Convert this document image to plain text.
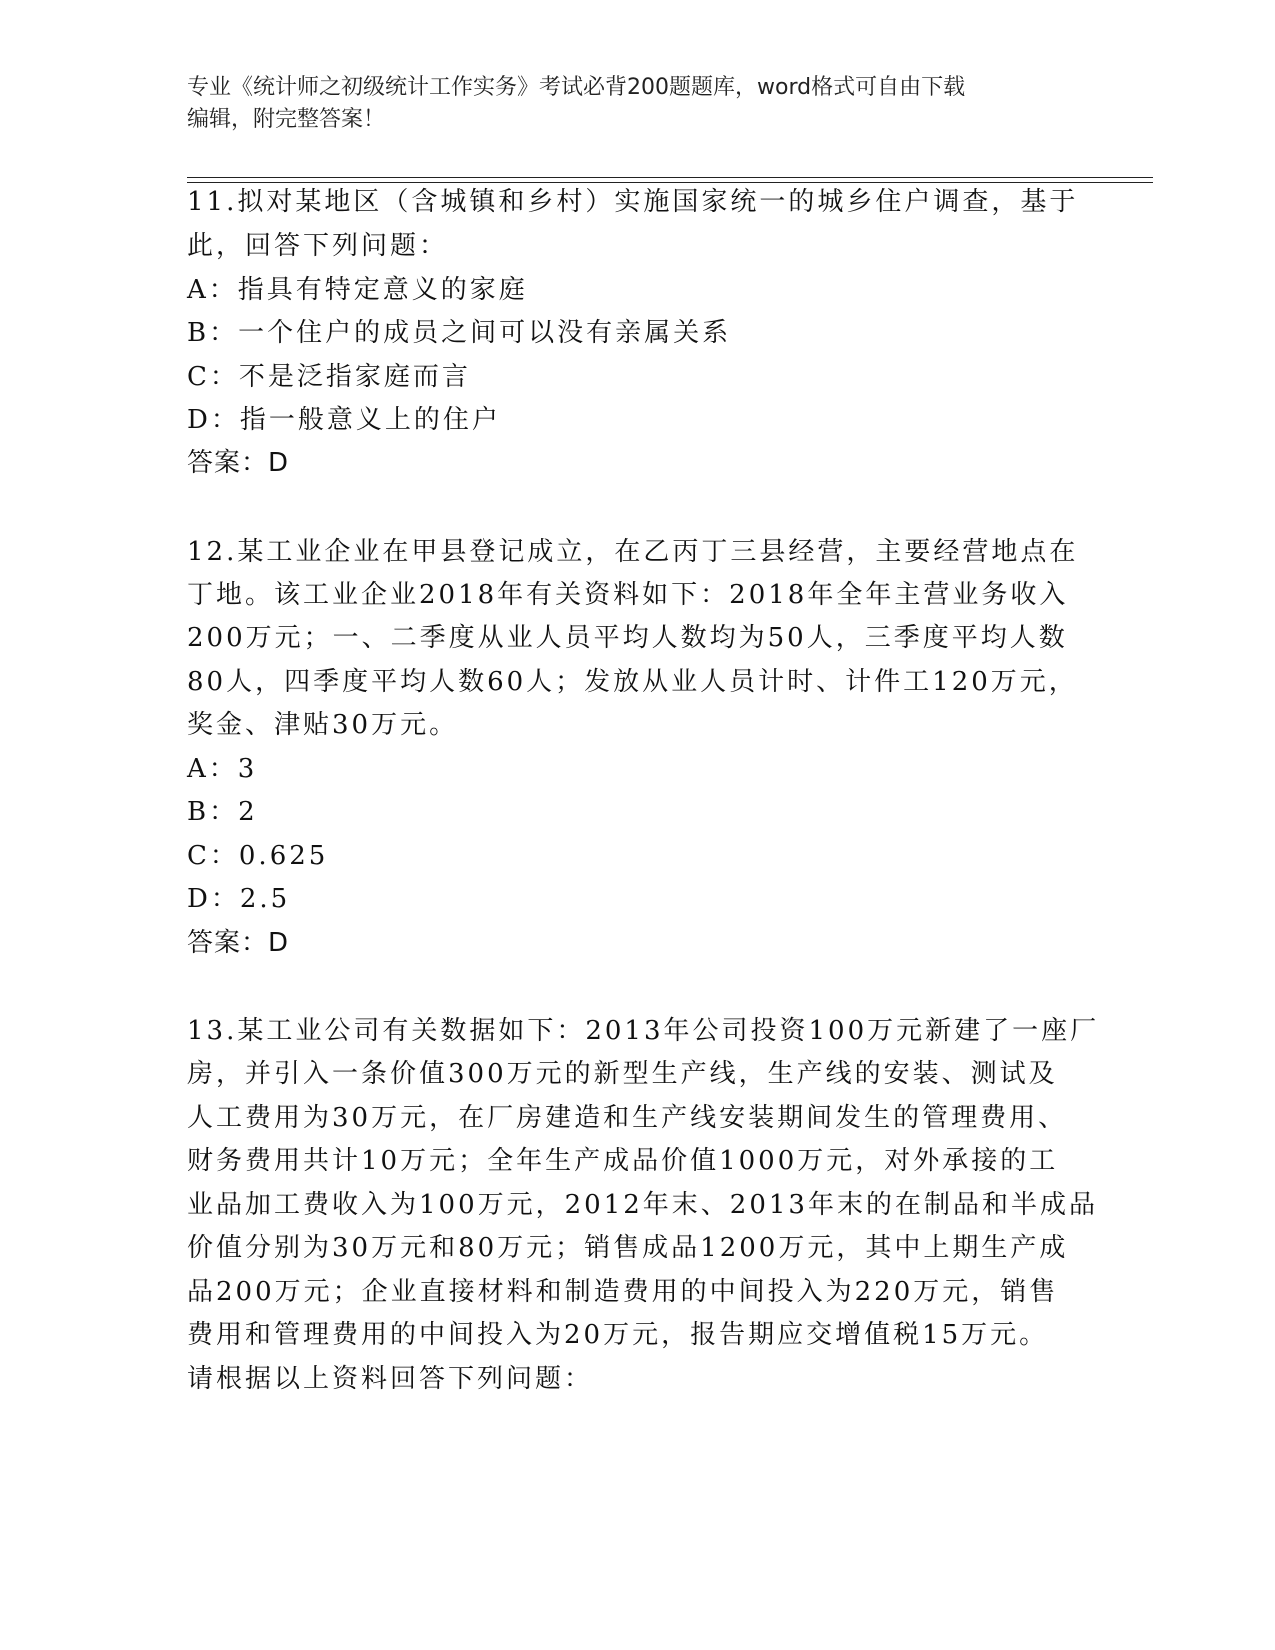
专业《统计师之初级统计工作实务》考试必背200题题库，word格式可自由下载
编辑，附完整答案！
11.拟对某地区（含城镇和乡村）实施国家统一的城乡住户调查，基于
此，回答下列问题：
A：指具有特定意义的家庭
B：一个住户的成员之间可以没有亲属关系
C：不是泛指家庭而言
D：指一般意义上的住户
答案：D
12.某工业企业在甲县登记成立，在乙丙丁三县经营，主要经营地点在
丁地。该工业企业2018年有关资料如下：2018年全年主营业务收入
200万元；一、二季度从业人员平均人数均为50人，三季度平均人数
80人，四季度平均人数60人；发放从业人员计时、计件工120万元，
奖金、津贴30万元。
A：3
B：2
C：0.625
D：2.5
答案：D
13.某工业公司有关数据如下：2013年公司投资100万元新建了一座厂
房，并引入一条价值300万元的新型生产线，生产线的安装、测试及
人工费用为30万元，在厂房建造和生产线安装期间发生的管理费用、
财务费用共计10万元；全年生产成品价值1000万元，对外承接的工
业品加工费收入为100万元，2012年末、2013年末的在制品和半成品
价值分别为30万元和80万元；销售成品1200万元，其中上期生产成
品200万元；企业直接材料和制造费用的中间投入为220万元，销售
费用和管理费用的中间投入为20万元，报告期应交增值税15万元。
请根据以上资料回答下列问题：
